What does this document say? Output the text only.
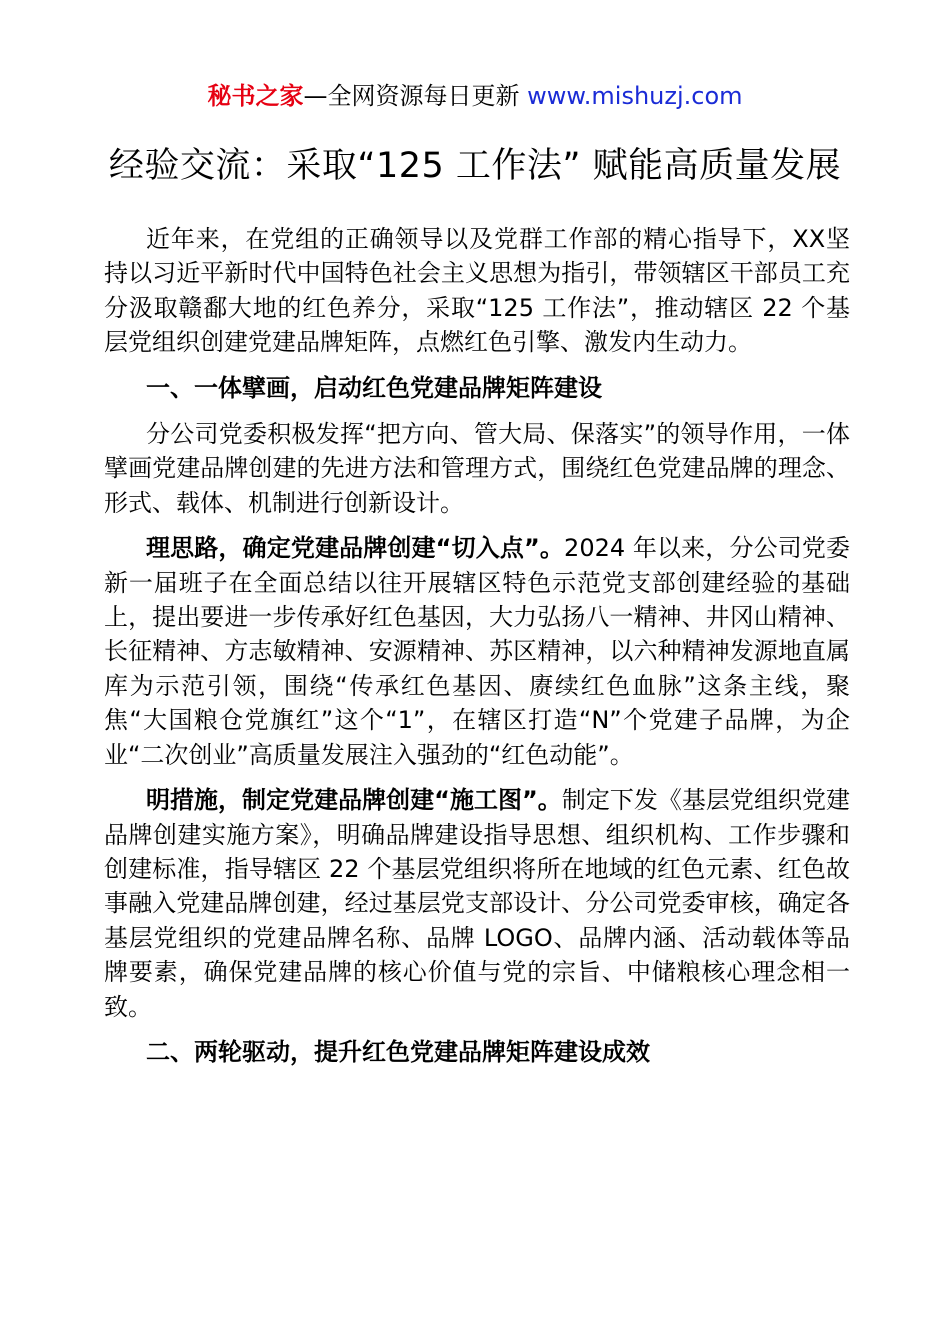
秘书之家—全网资源每日更新 www.mishuzj.com
经验交流：采取“125 工作法” 赋能高质量发展

近年来，在党组的正确领导以及党群工作部的精心指导下，XX坚持以习近平新时代中国特色社会主义思想为指引，带领辖区干部员工充分汲取赣鄱大地的红色养分，采取“125 工作法”，推动辖区 22 个基层党组织创建党建品牌矩阵，点燃红色引擎、激发内生动力。

一、一体擘画，启动红色党建品牌矩阵建设

分公司党委积极发挥“把方向、管大局、保落实”的领导作用，一体擘画党建品牌创建的先进方法和管理方式，围绕红色党建品牌的理念、形式、载体、机制进行创新设计。

理思路，确定党建品牌创建“切入点”。2024 年以来，分公司党委新一届班子在全面总结以往开展辖区特色示范党支部创建经验的基础上，提出要进一步传承好红色基因，大力弘扬八一精神、井冈山精神、长征精神、方志敏精神、安源精神、苏区精神，以六种精神发源地直属库为示范引领，围绕“传承红色基因、赓续红色血脉”这条主线，聚焦“大国粮仓党旗红”这个“1”，在辖区打造“N”个党建子品牌，为企业“二次创业”高质量发展注入强劲的“红色动能”。

明措施，制定党建品牌创建“施工图”。制定下发《基层党组织党建品牌创建实施方案》，明确品牌建设指导思想、组织机构、工作步骤和创建标准，指导辖区 22 个基层党组织将所在地域的红色元素、红色故事融入党建品牌创建，经过基层党支部设计、分公司党委审核，确定各基层党组织的党建品牌名称、品牌 LOGO、品牌内涵、活动载体等品牌要素，确保党建品牌的核心价值与党的宗旨、中储粮核心理念相一致。

二、两轮驱动，提升红色党建品牌矩阵建设成效
